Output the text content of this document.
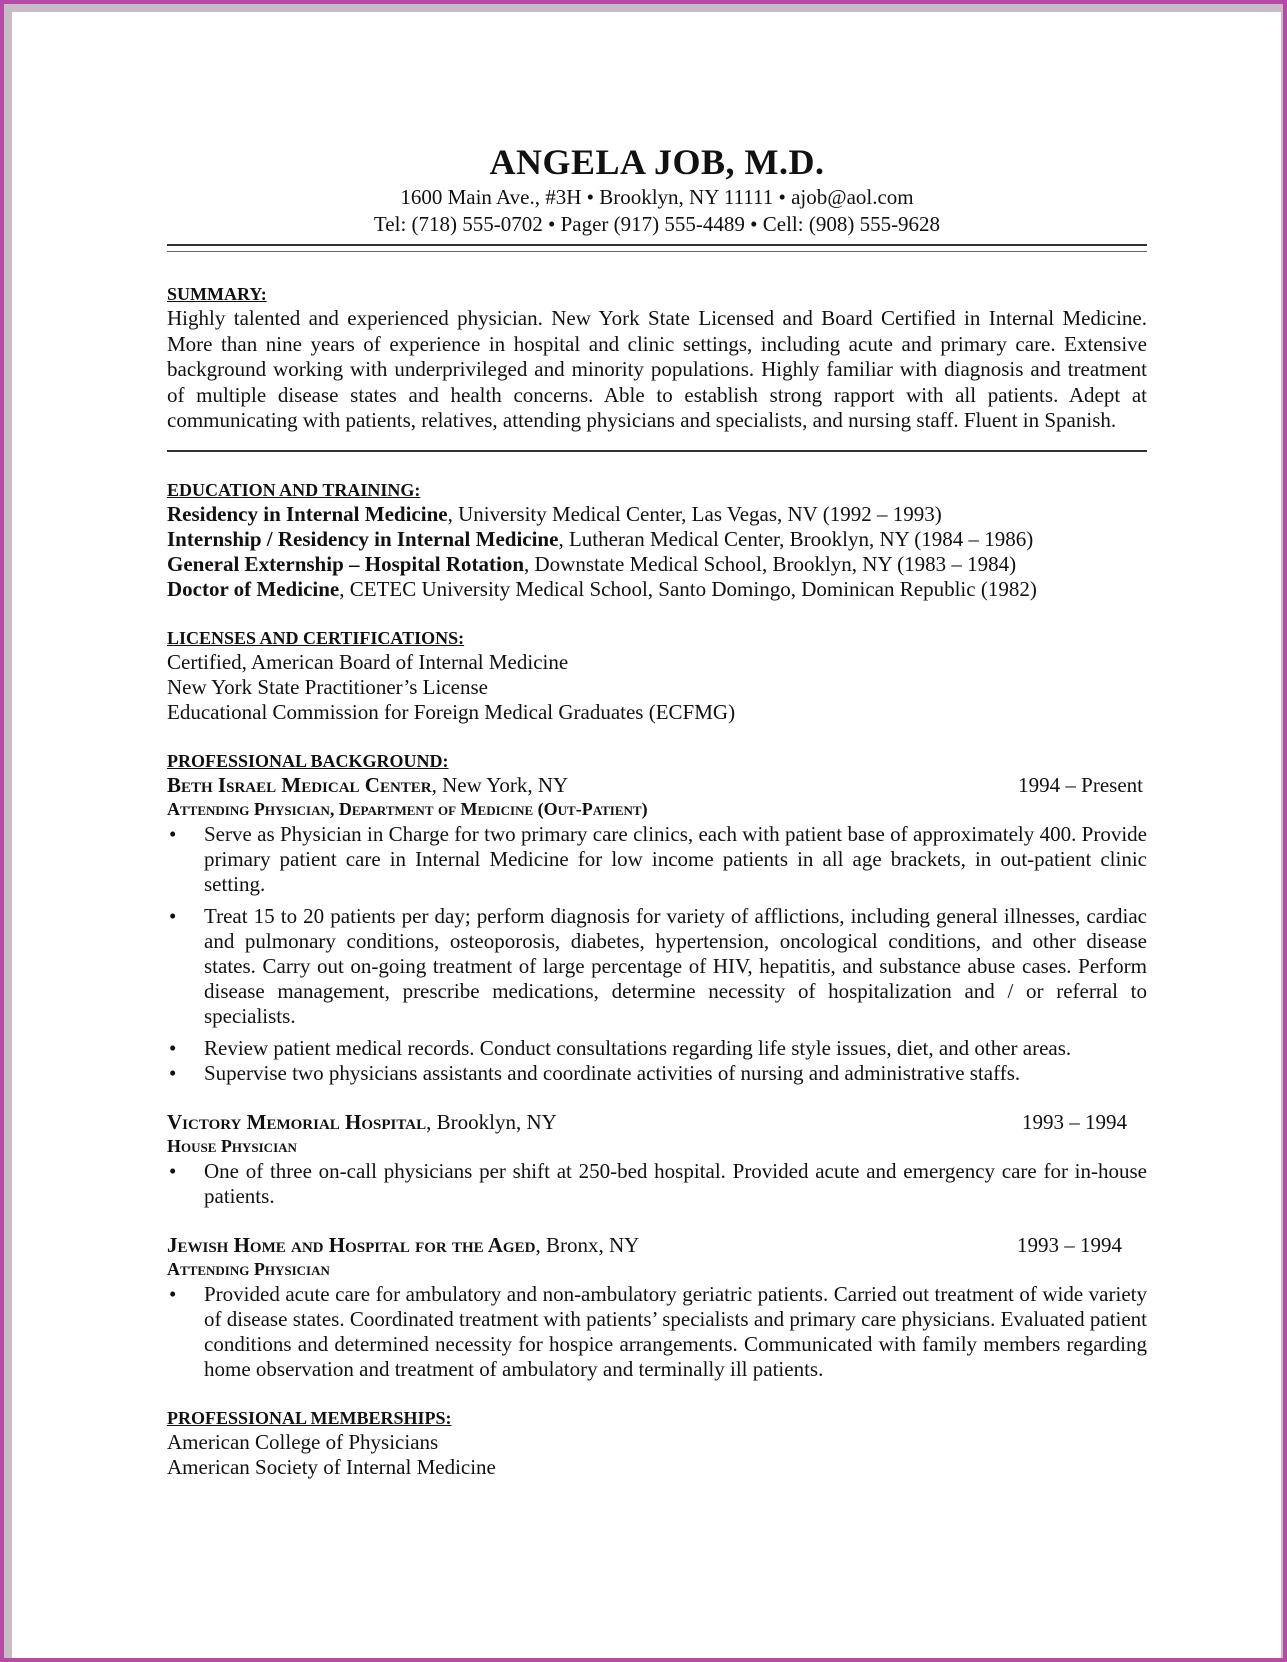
ANGELA JOB, M.D.
1600 Main Ave., #3H • Brooklyn, NY 11111 • ajob@aol.com
Tel: (718) 555-0702 • Pager (917) 555-4489 • Cell: (908) 555-9628
SUMMARY:

Highly talented and experienced physician. New York State Licensed and Board Certified in Internal Medicine. More than nine years of experience in hospital and clinic settings, including acute and primary care. Extensive background working with underprivileged and minority populations. Highly familiar with diagnosis and treatment of multiple disease states and health concerns. Able to establish strong rapport with all patients. Adept at communicating with patients, relatives, attending physicians and specialists, and nursing staff. Fluent in Spanish.

EDUCATION AND TRAINING:
Residency in Internal Medicine, University Medical Center, Las Vegas, NV (1992 – 1993)
Internship / Residency in Internal Medicine, Lutheran Medical Center, Brooklyn, NY (1984 – 1986)
General Externship – Hospital Rotation, Downstate Medical School, Brooklyn, NY (1983 – 1984)
Doctor of Medicine, CETEC University Medical School, Santo Domingo, Dominican Republic (1982)
LICENSES AND CERTIFICATIONS:
Certified, American Board of Internal Medicine
New York State Practitioner’s License
Educational Commission for Foreign Medical Graduates (ECFMG)
PROFESSIONAL BACKGROUND:
Beth Israel Medical Center, New York, NY	1994 – Present
Attending Physician, Department of Medicine (Out-Patient)
• Serve as Physician in Charge for two primary care clinics, each with patient base of approximately 400. Provide primary patient care in Internal Medicine for low income patients in all age brackets, in out-patient clinic setting.
• Treat 15 to 20 patients per day; perform diagnosis for variety of afflictions, including general illnesses, cardiac and pulmonary conditions, osteoporosis, diabetes, hypertension, oncological conditions, and other disease states. Carry out on-going treatment of large percentage of HIV, hepatitis, and substance abuse cases. Perform disease management, prescribe medications, determine necessity of hospitalization and / or referral to specialists.
• Review patient medical records. Conduct consultations regarding life style issues, diet, and other areas.
• Supervise two physicians assistants and coordinate activities of nursing and administrative staffs.
Victory Memorial Hospital, Brooklyn, NY	1993 – 1994
House Physician
• One of three on-call physicians per shift at 250-bed hospital. Provided acute and emergency care for in-house patients.
Jewish Home and Hospital for the Aged, Bronx, NY	1993 – 1994
Attending Physician
• Provided acute care for ambulatory and non-ambulatory geriatric patients. Carried out treatment of wide variety of disease states. Coordinated treatment with patients’ specialists and primary care physicians. Evaluated patient conditions and determined necessity for hospice arrangements. Communicated with family members regarding home observation and treatment of ambulatory and terminally ill patients.
PROFESSIONAL MEMBERSHIPS:
American College of Physicians
American Society of Internal Medicine
